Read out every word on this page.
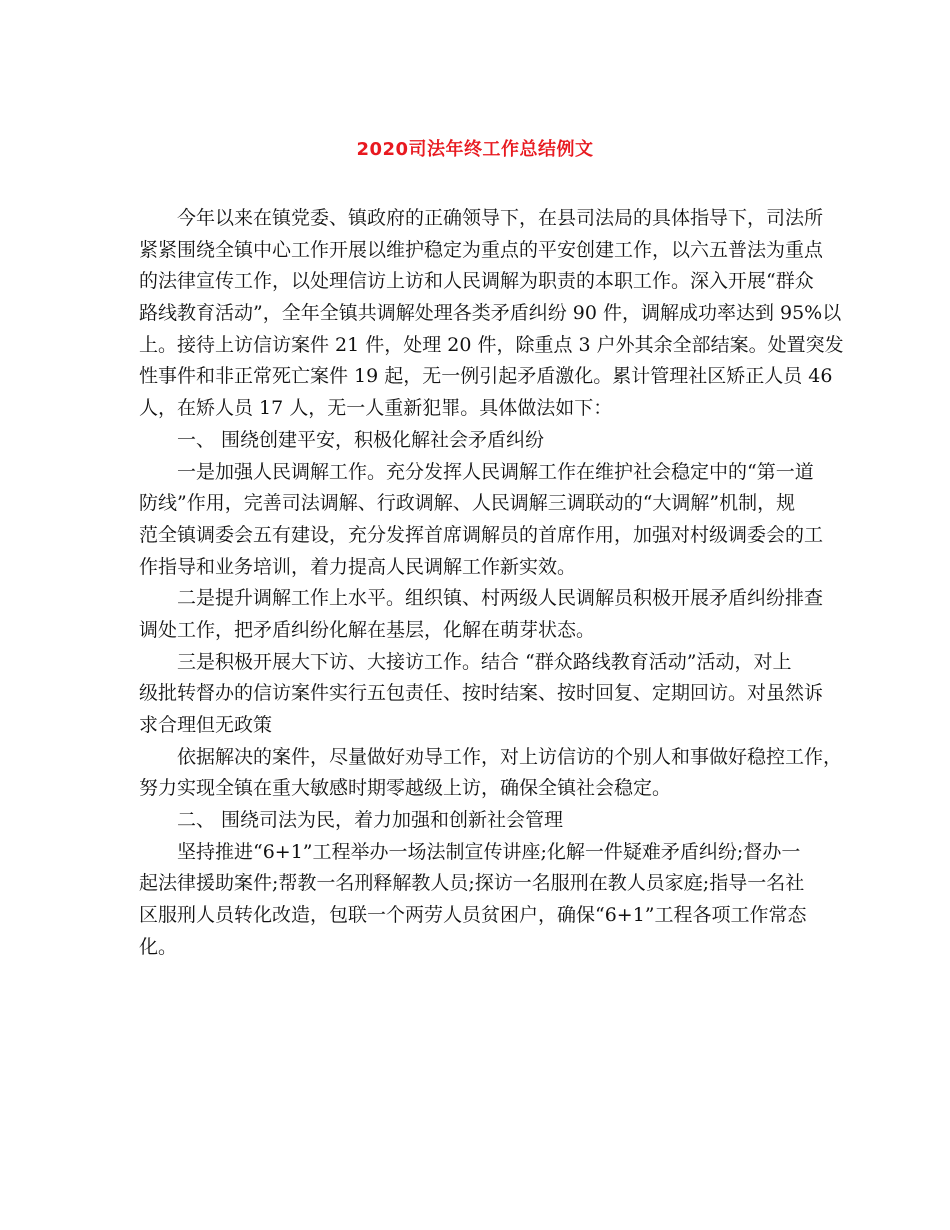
2020司法年终工作总结例文
今年以来在镇党委、镇政府的正确领导下，在县司法局的具体指导下，司法所
紧紧围绕全镇中心工作开展以维护稳定为重点的平安创建工作，以六五普法为重点
的法律宣传工作，以处理信访上访和人民调解为职责的本职工作。深入开展“群众
路线教育活动”，全年全镇共调解处理各类矛盾纠纷 90 件，调解成功率达到 95%以
上。接待上访信访案件 21 件，处理 20 件，除重点 3 户外其余全部结案。处置突发
性事件和非正常死亡案件 19 起，无一例引起矛盾激化。累计管理社区矫正人员 46
人，在矫人员 17 人，无一人重新犯罪。具体做法如下：
一、 围绕创建平安，积极化解社会矛盾纠纷
一是加强人民调解工作。充分发挥人民调解工作在维护社会稳定中的“第一道
防线”作用，完善司法调解、行政调解、人民调解三调联动的“大调解”机制，规
范全镇调委会五有建设，充分发挥首席调解员的首席作用，加强对村级调委会的工
作指导和业务培训，着力提高人民调解工作新实效。
二是提升调解工作上水平。组织镇、村两级人民调解员积极开展矛盾纠纷排查
调处工作，把矛盾纠纷化解在基层，化解在萌芽状态。
三是积极开展大下访、大接访工作。结合 “群众路线教育活动”活动，对上
级批转督办的信访案件实行五包责任、按时结案、按时回复、定期回访。对虽然诉
求合理但无政策
依据解决的案件，尽量做好劝导工作，对上访信访的个别人和事做好稳控工作，
努力实现全镇在重大敏感时期零越级上访，确保全镇社会稳定。
二、 围绕司法为民，着力加强和创新社会管理
坚持推进“6+1”工程举办一场法制宣传讲座;化解一件疑难矛盾纠纷;督办一
起法律援助案件;帮教一名刑释解教人员;探访一名服刑在教人员家庭;指导一名社
区服刑人员转化改造，包联一个两劳人员贫困户，确保“6+1”工程各项工作常态
化。
